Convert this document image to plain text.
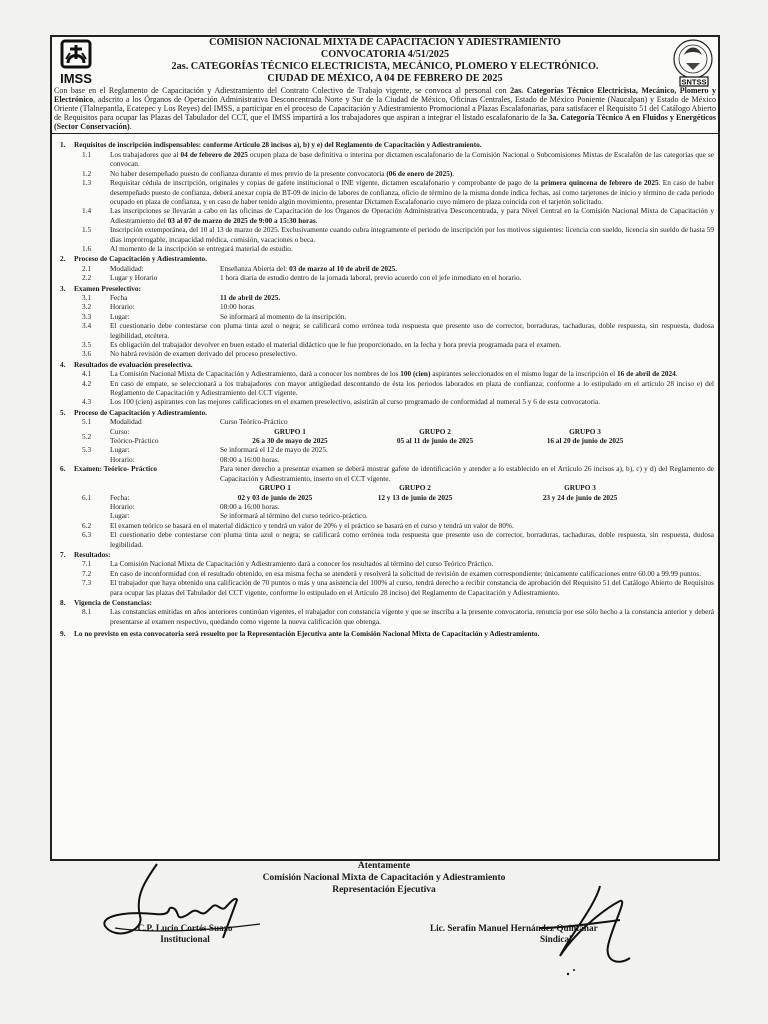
IMSS
COMISIÓN NACIONAL MIXTA DE CAPACITACIÓN Y ADIESTRAMIENTO
CONVOCATORIA 4/51/2025
2as. CATEGORÍAS TÉCNICO ELECTRICISTA, MECÁNICO, PLOMERO Y ELECTRÓNICO.
CIUDAD DE MÉXICO, A 04 DE FEBRERO DE 2025	SNTSS
Con base en el Reglamento de Capacitación y Adiestramiento del Contrato Colectivo de Trabajo vigente, se convoca al personal con 2as. Categorías Técnico Electricista, Mecánico, Plomero y Electrónico, adscrito a los Órganos de Operación Administrativa Desconcentrada Norte y Sur de la Ciudad de México, Oficinas Centrales, Estado de México Poniente (Naucalpan) y Estado de México Oriente (Tlalnepantla, Ecatepec y Los Reyes) del IMSS, a participar en el proceso de Capacitación y Adiestramiento Promocional a Plazas Escalafonarias, para satisfacer el Requisito 51 del Catálogo Abierto de Requisitos para ocupar las Plazas del Tabulador del CCT, que el IMSS impartirá a los trabajadores que aspiran a integrar el listado escalafonario de la 3a. Categoría Técnico A en Fluidos y Energéticos (Sector Conservación).
1. Requisitos de inscripción indispensables: conforme Artículo 28 incisos a), b) y e) del Reglamento de Capacitación y Adiestramiento.
1.1	Los trabajadores que al 04 de febrero de 2025 ocupen plaza de base definitiva o interina por dictamen escalafonario de la Comisión Nacional o Subcomisiones Mixtas de Escalafón de las categorías que se convocan.
1.2	No haber desempeñado puesto de confianza durante el mes previo de la presente convocatoria (06 de enero de 2025).
1.3	Requisitar cédula de inscripción, originales y copias de gafete institucional o INE vigente, dictamen escalafonario y comprobante de pago de la primera quincena de febrero de 2025. En caso de haber desempeñado puesto de confianza, deberá anexar copia de BT-09 de inicio de labores de confianza, oficio de término de la misma donde indica fechas, así como tarjetones de inicio y término de cada periodo ocupado en plaza de confianza, y en caso de haber tenido algún movimiento, presentar Dictamen Escalafonario cuyo número de plaza coincida con el tarjetón solicitado.
1.4	Las inscripciones se llevarán a cabo en las oficinas de Capacitación de los Órganos de Operación Administrativa Desconcentrada, y para Nivel Central en la Comisión Nacional Mixta de Capacitación y Adiestramiento del 03 al 07 de marzo de 2025 de 9:00 a 15:30 horas.
1.5	Inscripción extemporánea, del 10 al 13 de marzo de 2025. Exclusivamente cuando cubra íntegramente el periodo de inscripción por los motivos siguientes: licencia con sueldo, licencia sin sueldo de hasta 59 días improrrogable, incapacidad médica, comisión, vacaciones o beca.
1.6	Al momento de la inscripción se entregará material de estudio.
2. Proceso de Capacitación y Adiestramiento.
2.1	Modalidad:	Enseñanza Abierta del: 03 de marzo al 10 de abril de 2025.
2.2	Lugar y Horario	1 hora diaria de estudio dentro de la jornada laboral, previo acuerdo con el jefe inmediato en el horario.
3. Examen Preselectivo:
3.1	Fecha	11 de abril de 2025.
3.2	Horario:	10:00 horas
3.3	Lugar:	Se informará al momento de la inscripción.
3.4	El cuestionario debe contestarse con pluma tinta azul o negra; se calificará como errónea toda respuesta que presente uso de corrector, borraduras, tachaduras, doble respuesta, sin respuesta, dudosa legibilidad, etcétera.
3.5	Es obligación del trabajador devolver en buen estado el material didáctico que le fue proporcionado, en la fecha y hora previa programada para el examen.
3.6	No habrá revisión de examen derivado del proceso preselectivo.
4. Resultados de evaluación preselectiva.
4.1	La Comisión Nacional Mixta de Capacitación y Adiestramiento, dará a conocer los nombres de los 100 (cien) aspirantes seleccionados en el mismo lugar de la inscripción el 16 de abril de 2024.
4.2	En caso de empate, se seleccionará a los trabajadores con mayor antigüedad descontando de ésta los periodos laborados en plaza de confianza; conforme a lo estipulado en el artículo 28 inciso e) del Reglamento de Capacitación y Adiestramiento del CCT vigente.
4.3	Los 100 (cien) aspirantes con las mejores calificaciones en el examen preselectivo, asistirán al curso programado de conformidad al numeral 5 y 6 de esta convocatoria.
5. Proceso de Capacitación y Adiestramiento.
5.1	Modalidad	Curso Teórico-Práctico
5.2
Curso:
Teórico-Práctico
GRUPO 1	GRUPO 2	GRUPO 3
26 a 30 de mayo de 2025	05 al 11 de junio de 2025	16 al 20 de junio de 2025
5.3	Lugar:	Se informará el 12 de mayo de 2025.
Horario:	08:00 a 16:00 horas.
6. Examen: Teórico- Práctico	Para tener derecho a presentar examen se deberá mostrar gafete de identificación y atender a lo establecido en el Artículo 26 incisos a), b), c) y d) del Reglamento de Capacitación y Adiestramiento, inserto en el CCT vigente.
GRUPO 1	GRUPO 2	GRUPO 3
6.1	Fecha:	02 y 03 de junio de 2025	12 y 13 de junio de 2025	23 y 24 de junio de 2025
Horario:	08:00 a 16:00 horas.
Lugar:	Se informará al término del curso teórico-práctico.
6.2	El examen teórico se basará en el material didáctico y tendrá un valor de 20% y el práctico se basará en el curso y tendrá un valor de 80%.
6.3	El cuestionario debe contestarse con pluma tinta azul o negra; se calificará como errónea toda respuesta que presente uso de corrector, borraduras, tachaduras, doble respuesta, sin respuesta, dudosa legibilidad.
7. Resultados:
7.1	La Comisión Nacional Mixta de Capacitación y Adiestramiento dará a conocer los resultados al término del curso Teórico Práctico.
7.2	En caso de inconformidad con el resultado obtenido, en esa misma fecha se atenderá y resolverá la solicitud de revisión de examen correspondiente; únicamente calificaciones entre 60.00 a 99.99 puntos.
7.3	El trabajador que haya obtenido una calificación de 70 puntos o más y una asistencia del 100% al curso, tendrá derecho a recibir constancia de aprobación del Requisito 51 del Catálogo Abierto de Requisitos para ocupar las plazas del Tabulador del CCT vigente, conforme lo estipulado en el Artículo 28 inciso) del Reglamento de Capacitación y Adiestramiento.
8. Vigencia de Constancias:
8.1	Las constancias emitidas en años anteriores continúan vigentes, el trabajador con constancia vigente y que se inscriba a la presente convocatoria, renuncia por ese sólo hecho a la constancia anterior y deberá presentarse al examen respectivo, quedando como vigente la nueva calificación que obtenga.
9. Lo no previsto en esta convocatoria será resuelto por la Representación Ejecutiva ante la Comisión Nacional Mixta de Capacitación y Adiestramiento.
Atentamente
Comisión Nacional Mixta de Capacitación y Adiestramiento
Representación Ejecutiva
C.P. Lucio Cortés Suazo
Institucional
Lic. Serafín Manuel Hernández Quintanar
Sindical
